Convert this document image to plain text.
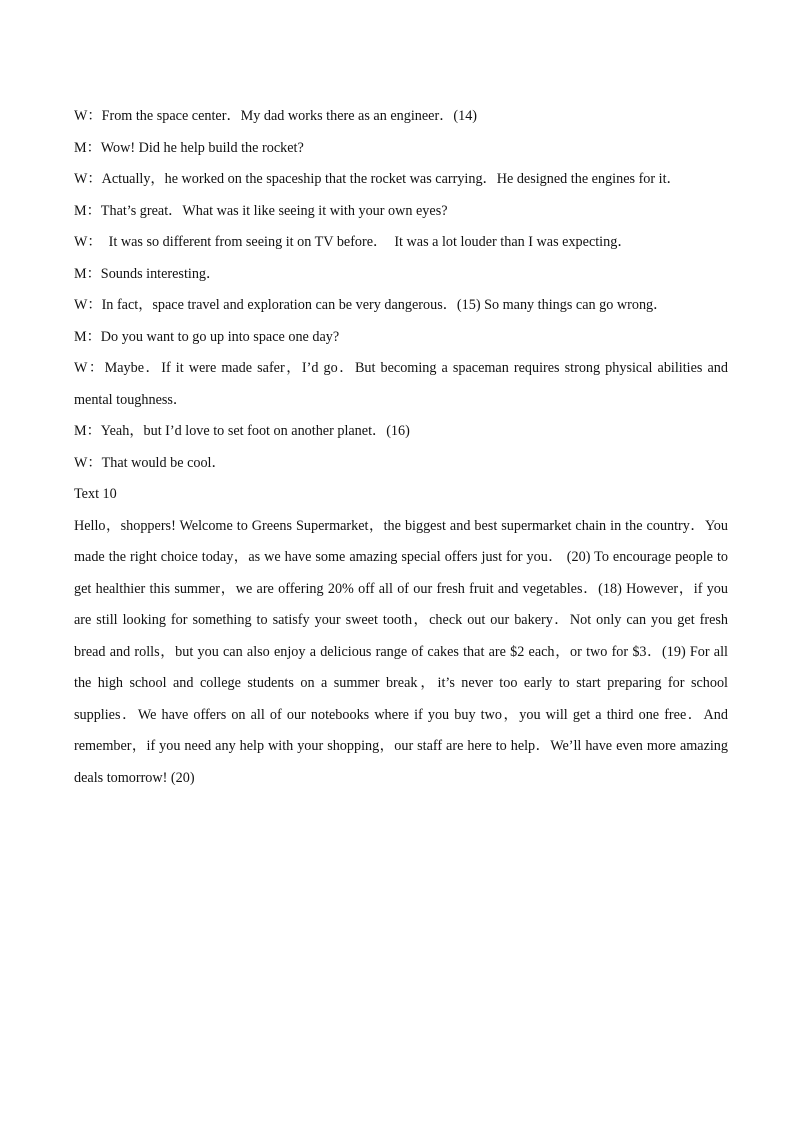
W：From the space center．My dad works there as an engineer．(14)

M：Wow! Did he help build the rocket?

W：Actually，he worked on the spaceship that the rocket was carrying．He designed the engines for it．

M：That’s great．What was it like seeing it with your own eyes?

W：  It was so different from seeing it on TV before．  It was a lot louder than I was expecting．

M：Sounds interesting．

W：In fact，space travel and exploration can be very dangerous．(15) So many things can go wrong．

M：Do you want to go up into space one day?

W：Maybe．If it were made safer，I’d go．But becoming a spaceman requires strong physical abilities and mental toughness．

M：Yeah，but I’d love to set foot on another planet．(16)

W：That would be cool．

Text 10

Hello，shoppers! Welcome to Greens Supermarket，the biggest and best supermarket chain in the country．You made the right choice today，as we have some amazing special offers just for you． (20) To encourage people to get healthier this summer，we are offering 20% off all of our fresh fruit and vegetables．(18) However，if you are still looking for something to satisfy your sweet tooth，check out our bakery．Not only can you get fresh bread and rolls，but you can also enjoy a delicious range of cakes that are $2 each，or two for $3．(19) For all the high school and college students on a summer break，it’s never too early to start preparing for school supplies．We have offers on all of our notebooks where if you buy two，you will get a third one free．And remember，if you need any help with your shopping，our staff are here to help．We’ll have even more amazing deals tomorrow! (20)
